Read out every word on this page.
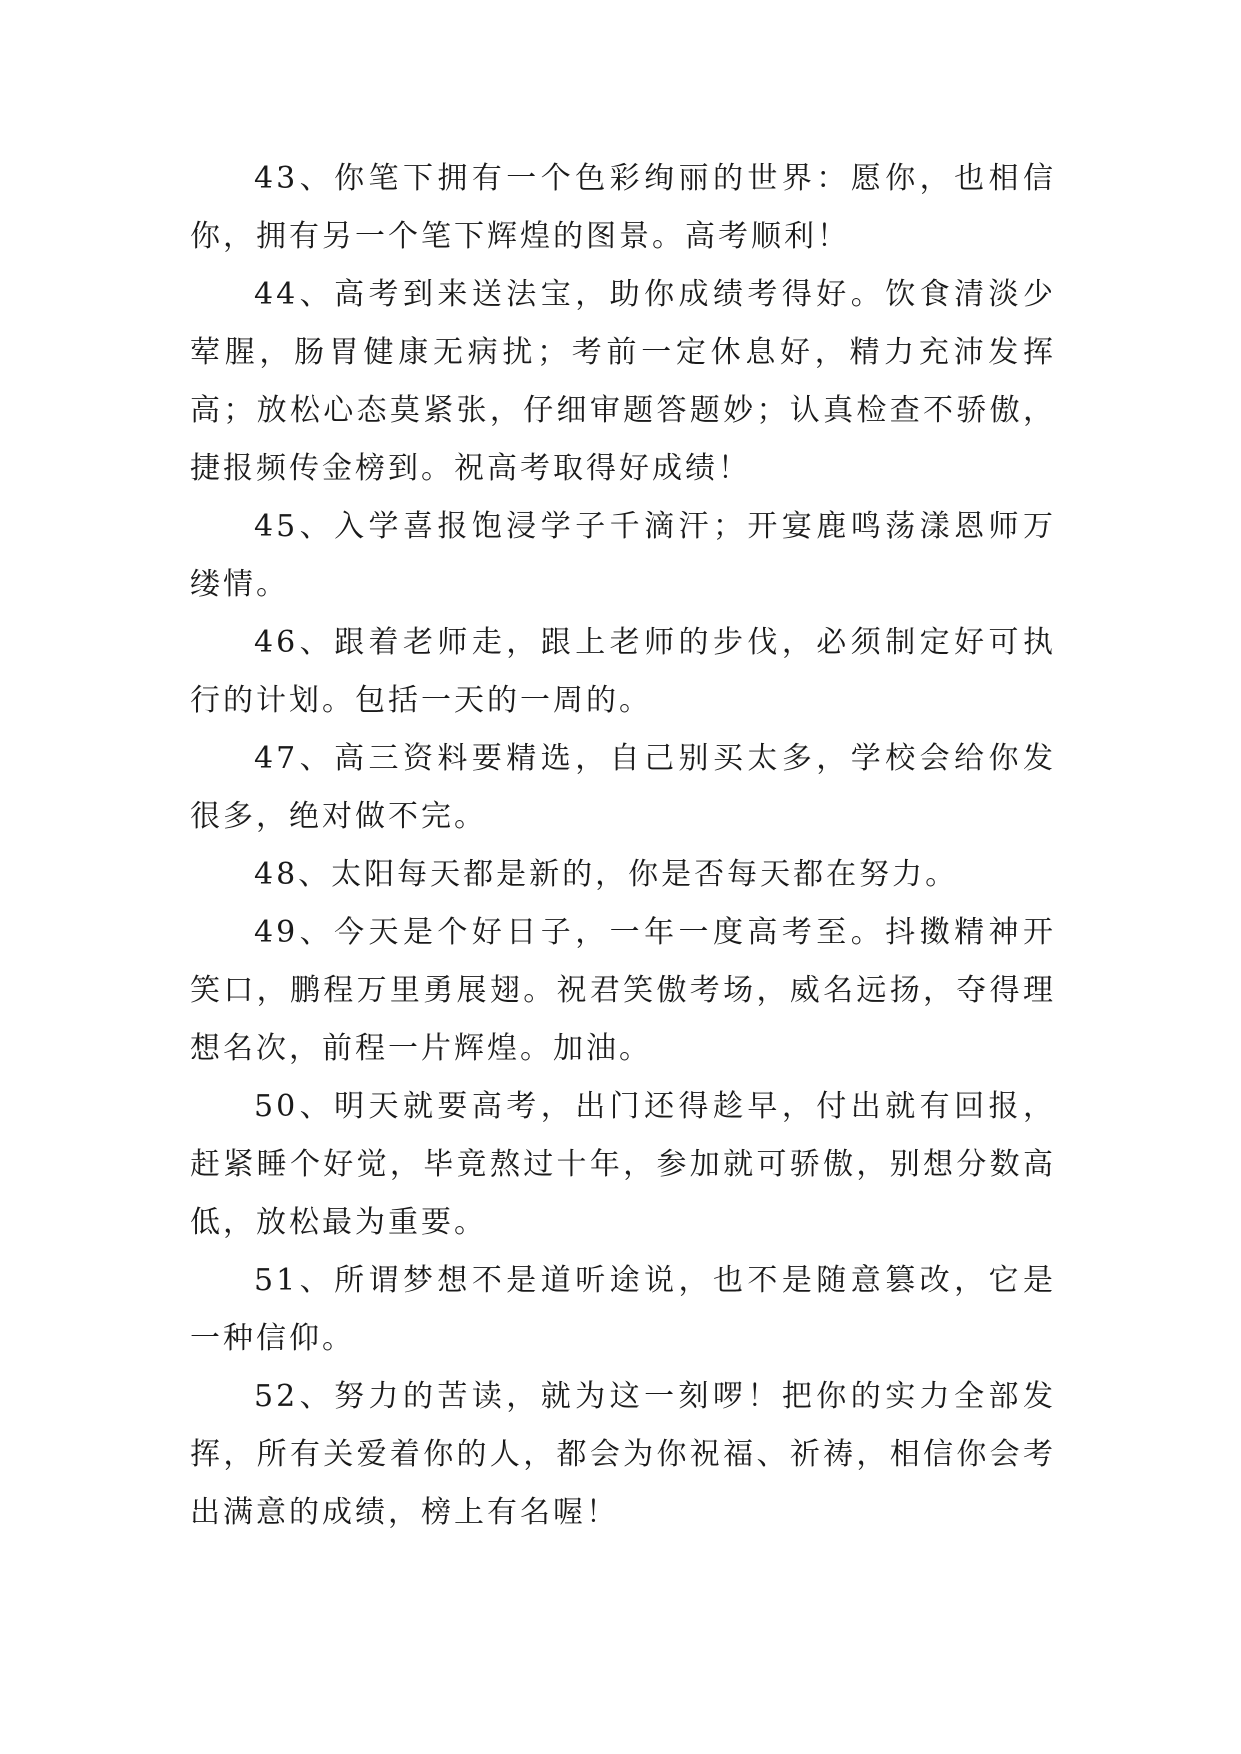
43、你笔下拥有一个色彩绚丽的世界：愿你，也相信你，拥有另一个笔下辉煌的图景。高考顺利！

44、高考到来送法宝，助你成绩考得好。饮食清淡少荤腥，肠胃健康无病扰；考前一定休息好，精力充沛发挥高；放松心态莫紧张，仔细审题答题妙；认真检查不骄傲，捷报频传金榜到。祝高考取得好成绩！

45、入学喜报饱浸学子千滴汗；开宴鹿鸣荡漾恩师万缕情。

46、跟着老师走，跟上老师的步伐，必须制定好可执行的计划。包括一天的一周的。

47、高三资料要精选，自己别买太多，学校会给你发很多，绝对做不完。

48、太阳每天都是新的，你是否每天都在努力。

49、今天是个好日子，一年一度高考至。抖擞精神开笑口，鹏程万里勇展翅。祝君笑傲考场，威名远扬，夺得理想名次，前程一片辉煌。加油。

50、明天就要高考，出门还得趁早，付出就有回报，赶紧睡个好觉，毕竟熬过十年，参加就可骄傲，别想分数高低，放松最为重要。

51、所谓梦想不是道听途说，也不是随意篡改，它是一种信仰。

52、努力的苦读，就为这一刻啰！把你的实力全部发挥，所有关爱着你的人，都会为你祝福、祈祷，相信你会考出满意的成绩，榜上有名喔！
